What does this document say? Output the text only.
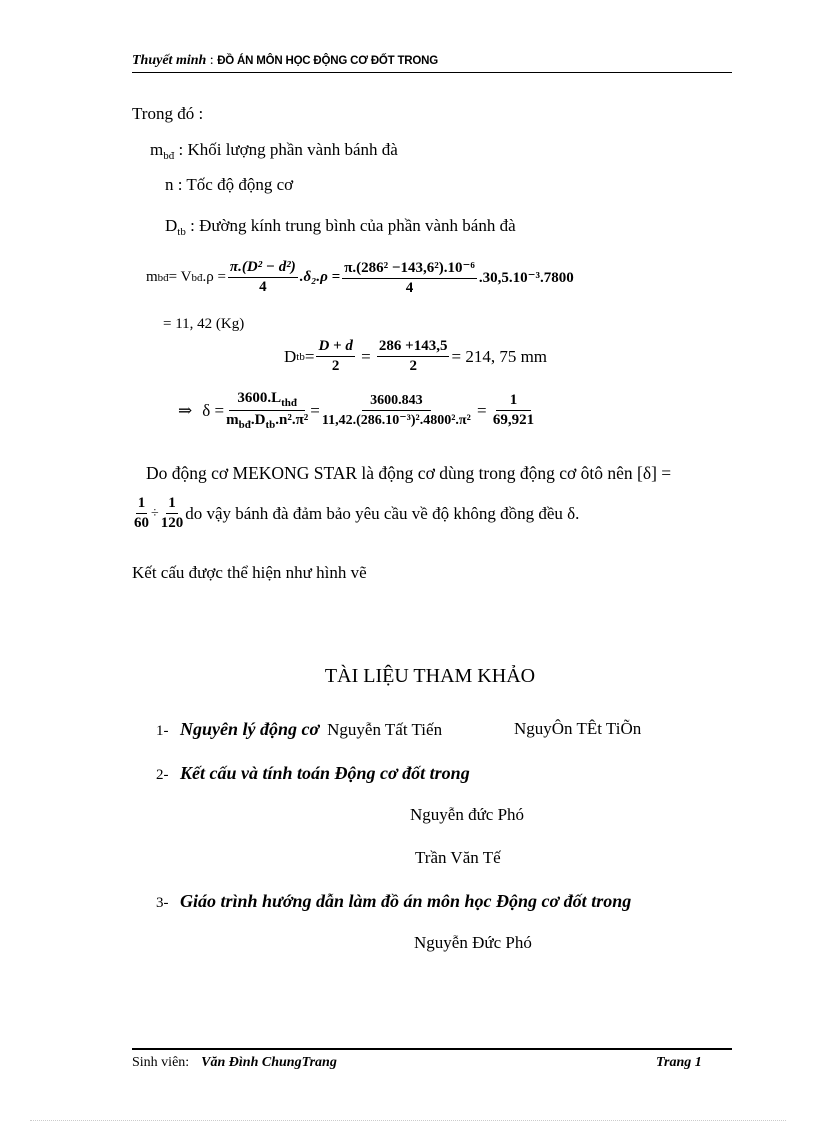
Thuyết minh : ĐỒ ÁN MÔN HỌC ĐỘNG CƠ ĐỐT TRONG
Trong đó :
$m_{bđ}$ : Khối lượng phần vành bánh đà
n : Tốc độ động cơ
$D_{tb}$ : Đường kính trung bình của phần vành bánh đà
m bđ = V bđ $.\rho = \frac{\text{π.(D² − d²)}}{4} .\delta_2.\rho = \frac{\text{π.(286² −143,6²).10⁻⁶}}{4} .30,5.10^{-3}.7800$
= 11, 42 (Kg)
D tb = $\frac{D + d}{2} = \frac{286 +143,5}{2} = 214$, 75 mm
⇒ $\delta = \frac{3600.L_{thđ}}{m_{bđ}.D_{tb}.n^2.\pi^2} = \frac{3600.843}{\text{11,42.(286.10⁻³)².4800².π²}} = \frac{1}{69,921}$
Do động cơ MEKONG STAR là động cơ dùng trong động cơ ôtô nên [δ] =
$\frac{1}{60} \div \frac{1}{120}$ do vậy bánh đà đảm bảo yêu cầu về độ không đồng đều δ.
Kết cấu được thể hiện như hình vẽ
TÀI LIỆU THAM KHẢO
1- Nguyên lý động cơ Nguyễn Tất Tiến	NguyÔn TÊt TiÕn
2- Kết cấu và tính toán Động cơ đốt trong
Nguyễn đức Phó
Trần Văn Tế
3- Giáo trình hướng dẫn làm đồ án môn học Động cơ đốt trong
Nguyễn Đức Phó
Sinh viên: Văn Đình ChungTrang	Trang 1
